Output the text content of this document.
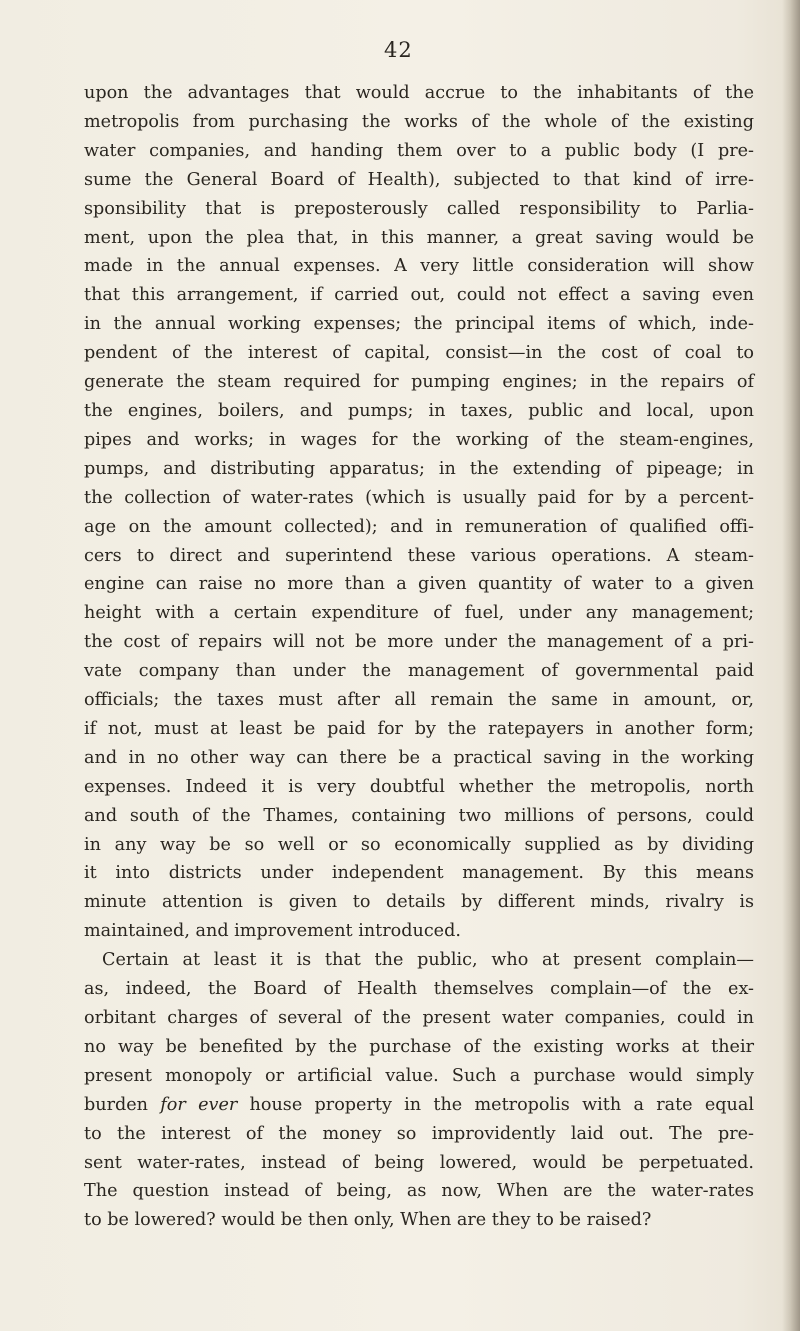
42
upon the advantages that would accrue to the inhabitants of the
metropolis from purchasing the works of the whole of the existing
water companies, and handing them over to a public body (I pre-
sume the General Board of Health), subjected to that kind of irre-
sponsibility that is preposterously called responsibility to Parlia-
ment, upon the plea that, in this manner, a great saving would be
made in the annual expenses. A very little consideration will show
that this arrangement, if carried out, could not effect a saving even
in the annual working expenses; the principal items of which, inde-
pendent of the interest of capital, consist—in the cost of coal to
generate the steam required for pumping engines; in the repairs of
the engines, boilers, and pumps; in taxes, public and local, upon
pipes and works; in wages for the working of the steam-engines,
pumps, and distributing apparatus; in the extending of pipeage; in
the collection of water-rates (which is usually paid for by a percent-
age on the amount collected); and in remuneration of qualified offi-
cers to direct and superintend these various operations. A steam-
engine can raise no more than a given quantity of water to a given
height with a certain expenditure of fuel, under any management;
the cost of repairs will not be more under the management of a pri-
vate company than under the management of governmental paid
officials; the taxes must after all remain the same in amount, or,
if not, must at least be paid for by the ratepayers in another form;
and in no other way can there be a practical saving in the working
expenses. Indeed it is very doubtful whether the metropolis, north
and south of the Thames, containing two millions of persons, could
in any way be so well or so economically supplied as by dividing
it into districts under independent management. By this means
minute attention is given to details by different minds, rivalry is
maintained, and improvement introduced.
Certain at least it is that the public, who at present complain—
as, indeed, the Board of Health themselves complain—of the ex-
orbitant charges of several of the present water companies, could in
no way be benefited by the purchase of the existing works at their
present monopoly or artificial value. Such a purchase would simply
burden for ever house property in the metropolis with a rate equal
to the interest of the money so improvidently laid out. The pre-
sent water-rates, instead of being lowered, would be perpetuated.
The question instead of being, as now, When are the water-rates
to be lowered? would be then only, When are they to be raised?
